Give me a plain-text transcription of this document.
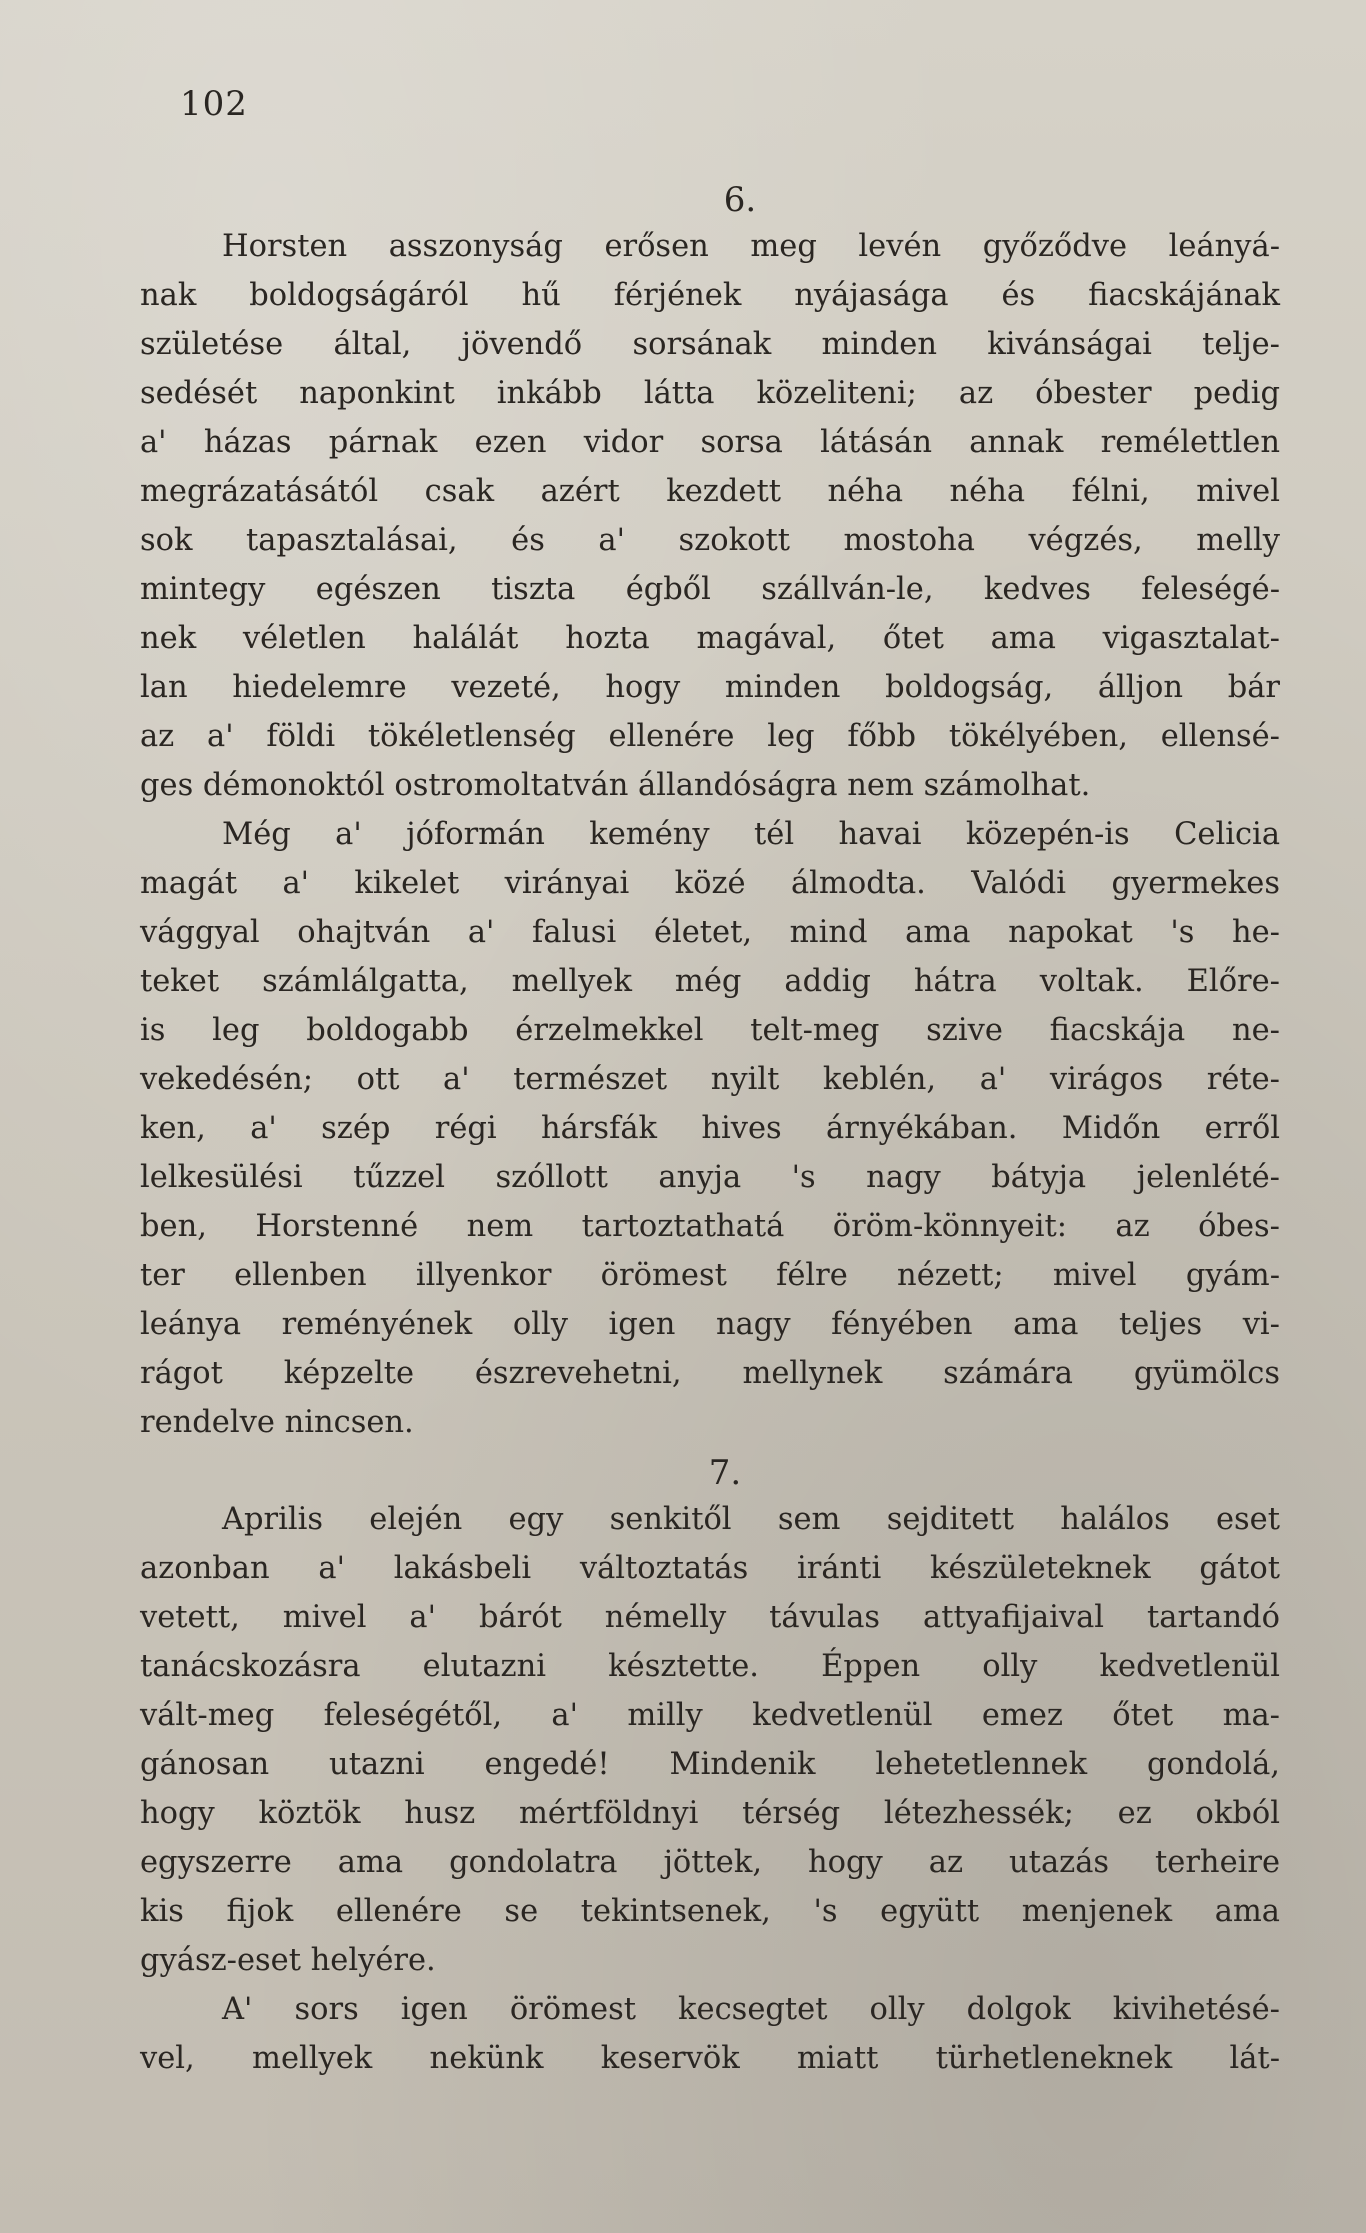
102
6.
Horsten asszonyság erősen meg levén győződve leányá-
nak boldogságáról hű férjének nyájasága és fiacskájának
születése által, jövendő sorsának minden kivánságai telje-
sedését naponkint inkább látta közeliteni; az óbester pedig
a' házas párnak ezen vidor sorsa látásán annak remélettlen
megrázatásától csak azért kezdett néha néha félni, mivel
sok tapasztalásai, és a' szokott mostoha végzés, melly
mintegy egészen tiszta égből szállván-le, kedves feleségé-
nek véletlen halálát hozta magával, őtet ama vigasztalat-
lan hiedelemre vezeté, hogy minden boldogság, álljon bár
az a' földi tökéletlenség ellenére leg főbb tökélyében, ellensé-
ges démonoktól ostromoltatván állandóságra nem számolhat.
Még a' jóformán kemény tél havai közepén-is Celicia
magát a' kikelet virányai közé álmodta. Valódi gyermekes
vággyal ohajtván a' falusi életet, mind ama napokat 's he-
teket számlálgatta, mellyek még addig hátra voltak. Előre-
is leg boldogabb érzelmekkel telt-meg szive fiacskája ne-
vekedésén; ott a' természet nyilt keblén, a' virágos réte-
ken, a' szép régi hársfák hives árnyékában. Midőn erről
lelkesülési tűzzel szóllott anyja 's nagy bátyja jelenlété-
ben, Horstenné nem tartoztathatá öröm-könnyeit: az óbes-
ter ellenben illyenkor örömest félre nézett; mivel gyám-
leánya reményének olly igen nagy fényében ama teljes vi-
rágot képzelte észrevehetni, mellynek számára gyümölcs
rendelve nincsen.
7.
Aprilis elején egy senkitől sem sejditett halálos eset
azonban a' lakásbeli változtatás iránti készületeknek gátot
vetett, mivel a' bárót némelly távulas attyafijaival tartandó
tanácskozásra elutazni késztette. Éppen olly kedvetlenül
vált-meg feleségétől, a' milly kedvetlenül emez őtet ma-
gánosan utazni engedé! Mindenik lehetetlennek gondolá,
hogy köztök husz mértföldnyi térség létezhessék; ez okból
egyszerre ama gondolatra jöttek, hogy az utazás terheire
kis fijok ellenére se tekintsenek, 's együtt menjenek ama
gyász-eset helyére.
A' sors igen örömest kecsegtet olly dolgok kivihetésé-
vel, mellyek nekünk keservök miatt türhetleneknek lát-
